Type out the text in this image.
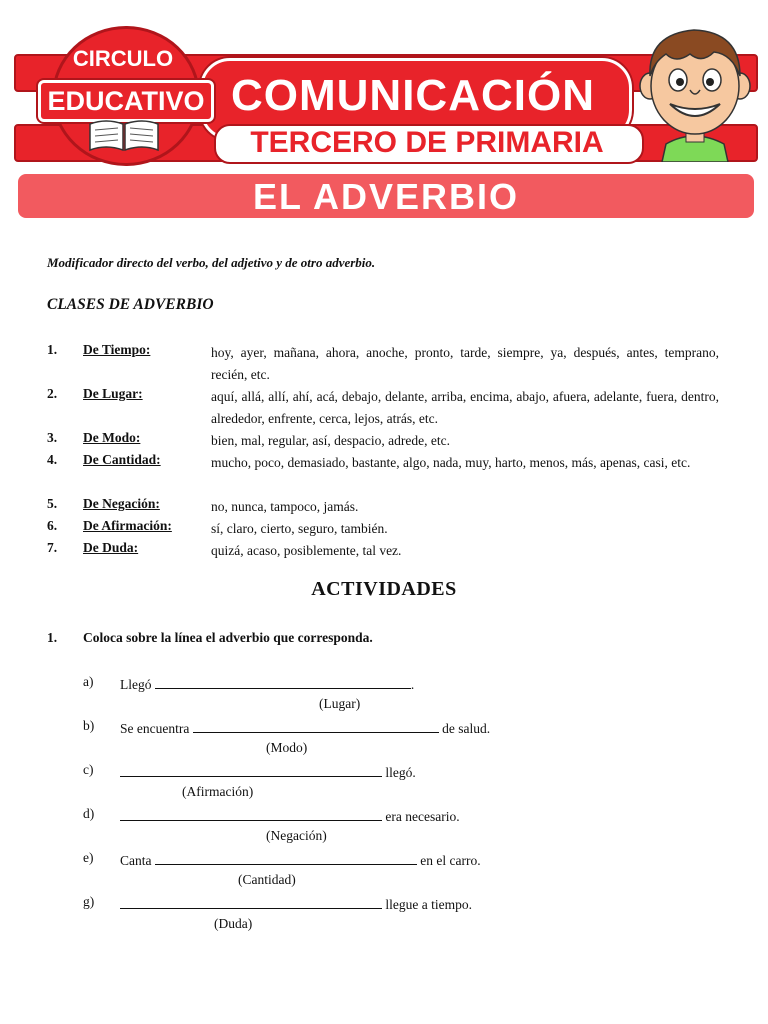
COMUNICACIÓN
TERCERO DE PRIMARIA
CIRCULO
EDUCATIVO
EL ADVERBIO
Modificador directo del verbo, del adjetivo y de otro adverbio.
CLASES DE ADVERBIO
1. De Tiempo:	hoy, ayer, mañana, ahora, anoche, pronto, tarde, siempre, ya, después, antes, temprano, recién, etc.
2. De Lugar:	aquí, allá, allí, ahí, acá, debajo, delante, arriba, encima, abajo, afuera, adelante, fuera, dentro, alrededor, enfrente, cerca, lejos, atrás, etc.
3. De Modo:	bien, mal, regular, así, despacio, adrede, etc.
4. De Cantidad:	mucho, poco, demasiado, bastante, algo, nada, muy, harto, menos, más, apenas, casi, etc.
5. De Negación:	no, nunca, tampoco, jamás.
6. De Afirmación:	sí, claro, cierto, seguro, también.
7. De Duda:	quizá, acaso, posiblemente, tal vez.
ACTIVIDADES
1. Coloca sobre la línea el adverbio que corresponda.
a) Llegó	.
(Lugar)
b) Se encuentra	de salud.
(Modo)
c)	llegó.
(Afirmación)
d)	era necesario.
(Negación)
e) Canta	en el carro.
(Cantidad)
g)	llegue a tiempo.
(Duda)
